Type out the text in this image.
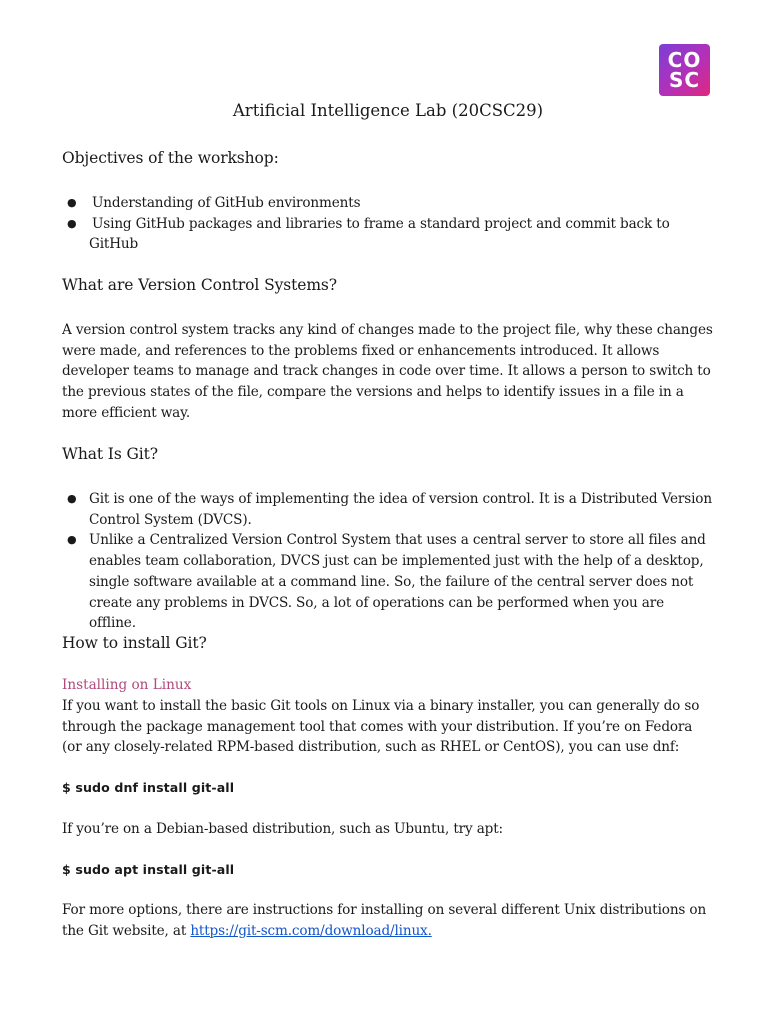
CO
SC
Artificial Intelligence Lab (20CSC29)
Objectives of the workshop:
● Understanding of GitHub environments
● Using GitHub packages and libraries to frame a standard project and commit back to GitHub
What are Version Control Systems?

A version control system tracks any kind of changes made to the project file, why these changes were made, and references to the problems fixed or enhancements introduced. It allows developer teams to manage and track changes in code over time. It allows a person to switch to the previous states of the file, compare the versions and helps to identify issues in a file in a more efficient way.

What Is Git?
● Git is one of the ways of implementing the idea of version control. It is a Distributed Version Control System (DVCS).
● Unlike a Centralized Version Control System that uses a central server to store all files and enables team collaboration, DVCS just can be implemented just with the help of a desktop, single software available at a command line. So, the failure of the central server does not create any problems in DVCS. So, a lot of operations can be performed when you are offline.
How to install Git?

Installing on Linux

If you want to install the basic Git tools on Linux via a binary installer, you can generally do so through the package management tool that comes with your distribution. If you’re on Fedora (or any closely-related RPM-based distribution, such as RHEL or CentOS), you can use dnf:

$ sudo dnf install git-all

If you’re on a Debian-based distribution, such as Ubuntu, try apt:

$ sudo apt install git-all

For more options, there are instructions for installing on several different Unix distributions on the Git website, at https://git-scm.com/download/linux.
